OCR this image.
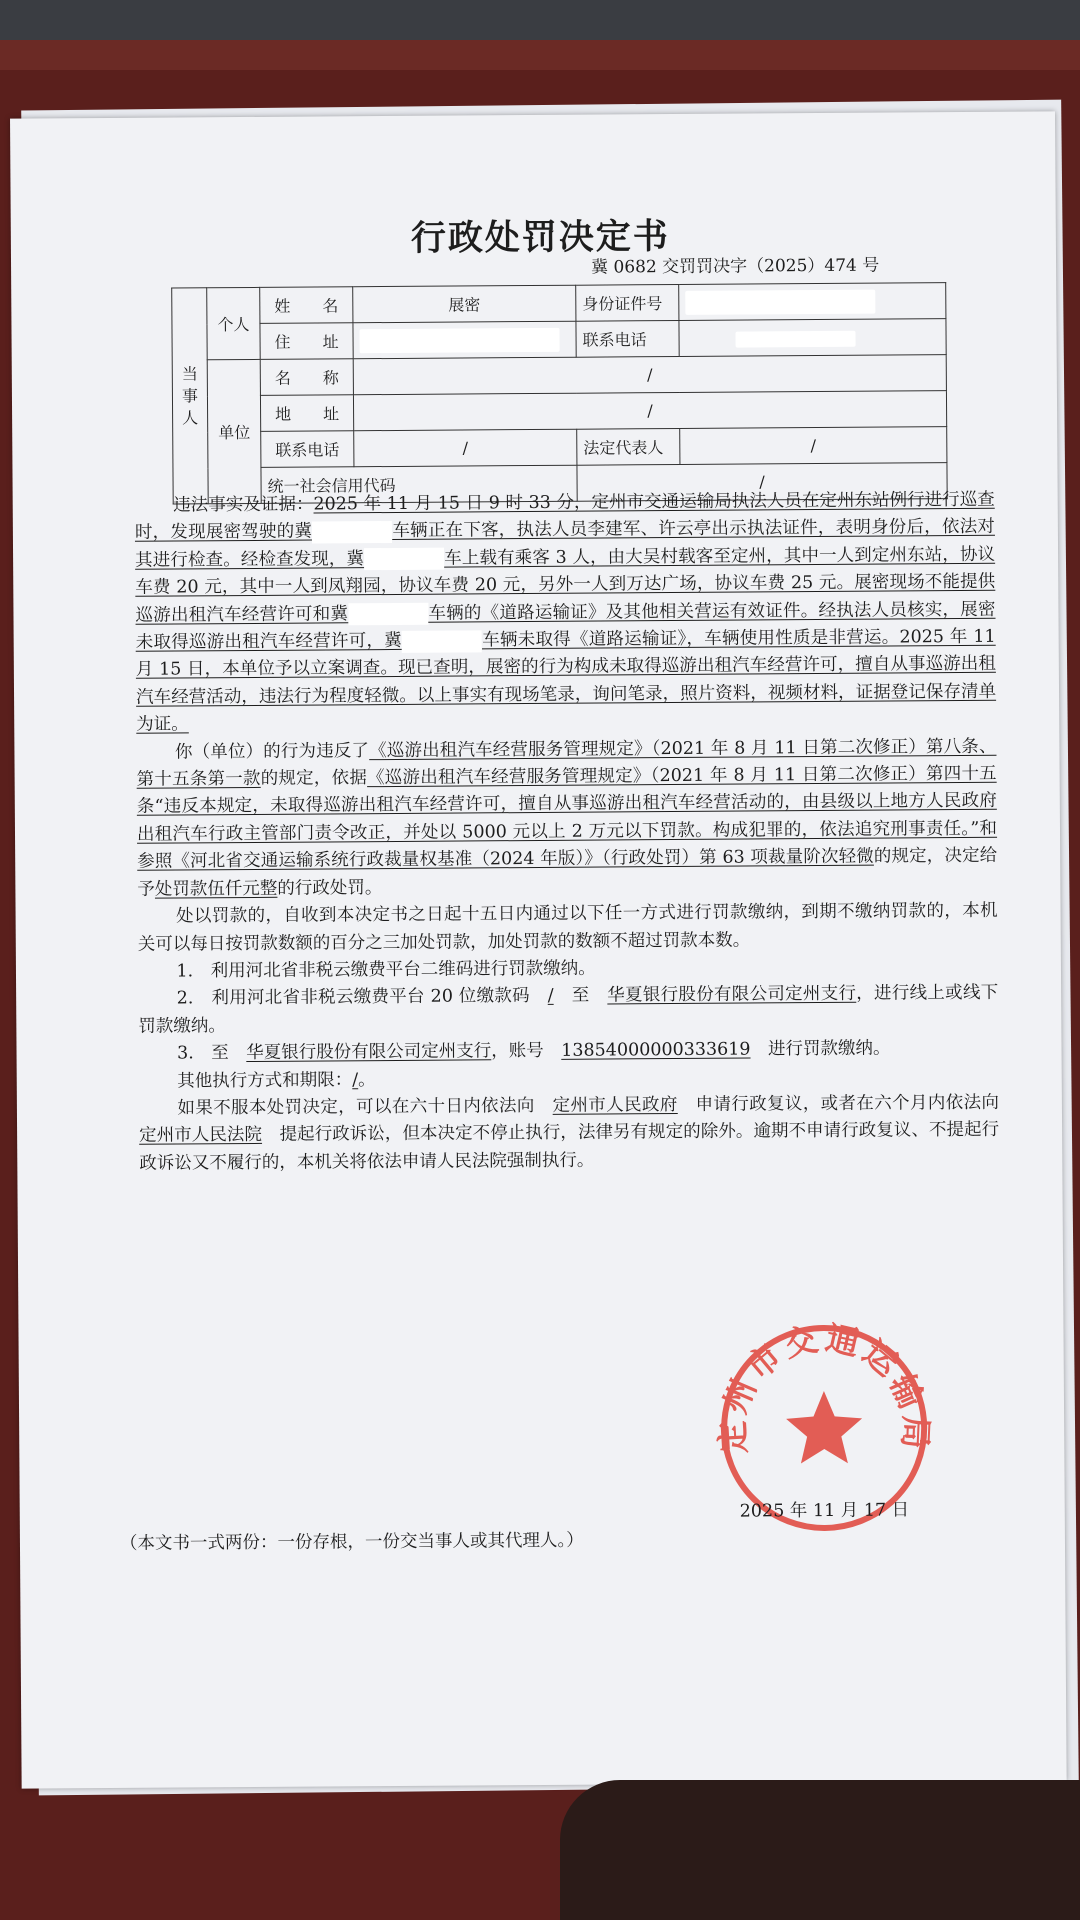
行政处罚决定书
冀 0682 交罚罚决字（2025）474 号
当事人	个人	姓　　名	展密	身份证件号	
		住　　址		联系电话	
	单位	名　　称	/		
		地　　址	/		
		联系电话	/	法定代表人	/
		统一社会信用代码		/	

违法事实及证据：2025 年 11 月 15 日 9 时 33 分，定州市交通运输局执法人员在定州东站例行进行巡查时，发现展密驾驶的冀	车辆正在下客，执法人员李建军、许云亭出示执法证件，表明身份后，依法对其进行检查。经检查发现，冀	车上载有乘客 3 人，由大吴村载客至定州，其中一人到定州东站，协议车费 20 元，其中一人到凤翔园，协议车费 20 元，另外一人到万达广场，协议车费 25 元。展密现场不能提供巡游出租汽车经营许可和冀	车辆的《道路运输证》及其他相关营运有效证件。经执法人员核实，展密未取得巡游出租汽车经营许可，冀	车辆未取得《道路运输证》，车辆使用性质是非营运。2025 年 11 月 15 日，本单位予以立案调查。现已查明，展密的行为构成未取得巡游出租汽车经营许可，擅自从事巡游出租汽车经营活动，违法行为程度轻微。以上事实有现场笔录，询问笔录，照片资料，视频材料，证据登记保存清单为证。

你（单位）的行为违反了《巡游出租汽车经营服务管理规定》（2021 年 8 月 11 日第二次修正）第八条、第十五条第一款的规定，依据《巡游出租汽车经营服务管理规定》（2021 年 8 月 11 日第二次修正）第四十五条“违反本规定，未取得巡游出租汽车经营许可，擅自从事巡游出租汽车经营活动的，由县级以上地方人民政府出租汽车行政主管部门责令改正，并处以 5000 元以上 2 万元以下罚款。构成犯罪的，依法追究刑事责任。”和参照《河北省交通运输系统行政裁量权基准（2024 年版）》（行政处罚）第 63 项裁量阶次轻微的规定，决定给予处罚款伍仟元整的行政处罚。

处以罚款的，自收到本决定书之日起十五日内通过以下任一方式进行罚款缴纳，到期不缴纳罚款的，本机关可以每日按罚款数额的百分之三加处罚款，加处罚款的数额不超过罚款本数。

1.　利用河北省非税云缴费平台二维码进行罚款缴纳。

2.　利用河北省非税云缴费平台 20 位缴款码　 /　 至　 华夏银行股份有限公司定州支行，进行线上或线下罚款缴纳。

3.　至　 华夏银行股份有限公司定州支行，账号　 13854000000333619　 进行罚款缴纳。

其他执行方式和期限：/。

如果不服本处罚决定，可以在六十日内依法向　 定州市人民政府　 申请行政复议，或者在六个月内依法向　定州市人民法院　 提起行政诉讼，但本决定不停止执行，法律另有规定的除外。逾期不申请行政复议、不提起行政诉讼又不履行的，本机关将依法申请人民法院强制执行。

定州市交通运输局
2025 年 11 月 17 日
（本文书一式两份：一份存根，一份交当事人或其代理人。）
